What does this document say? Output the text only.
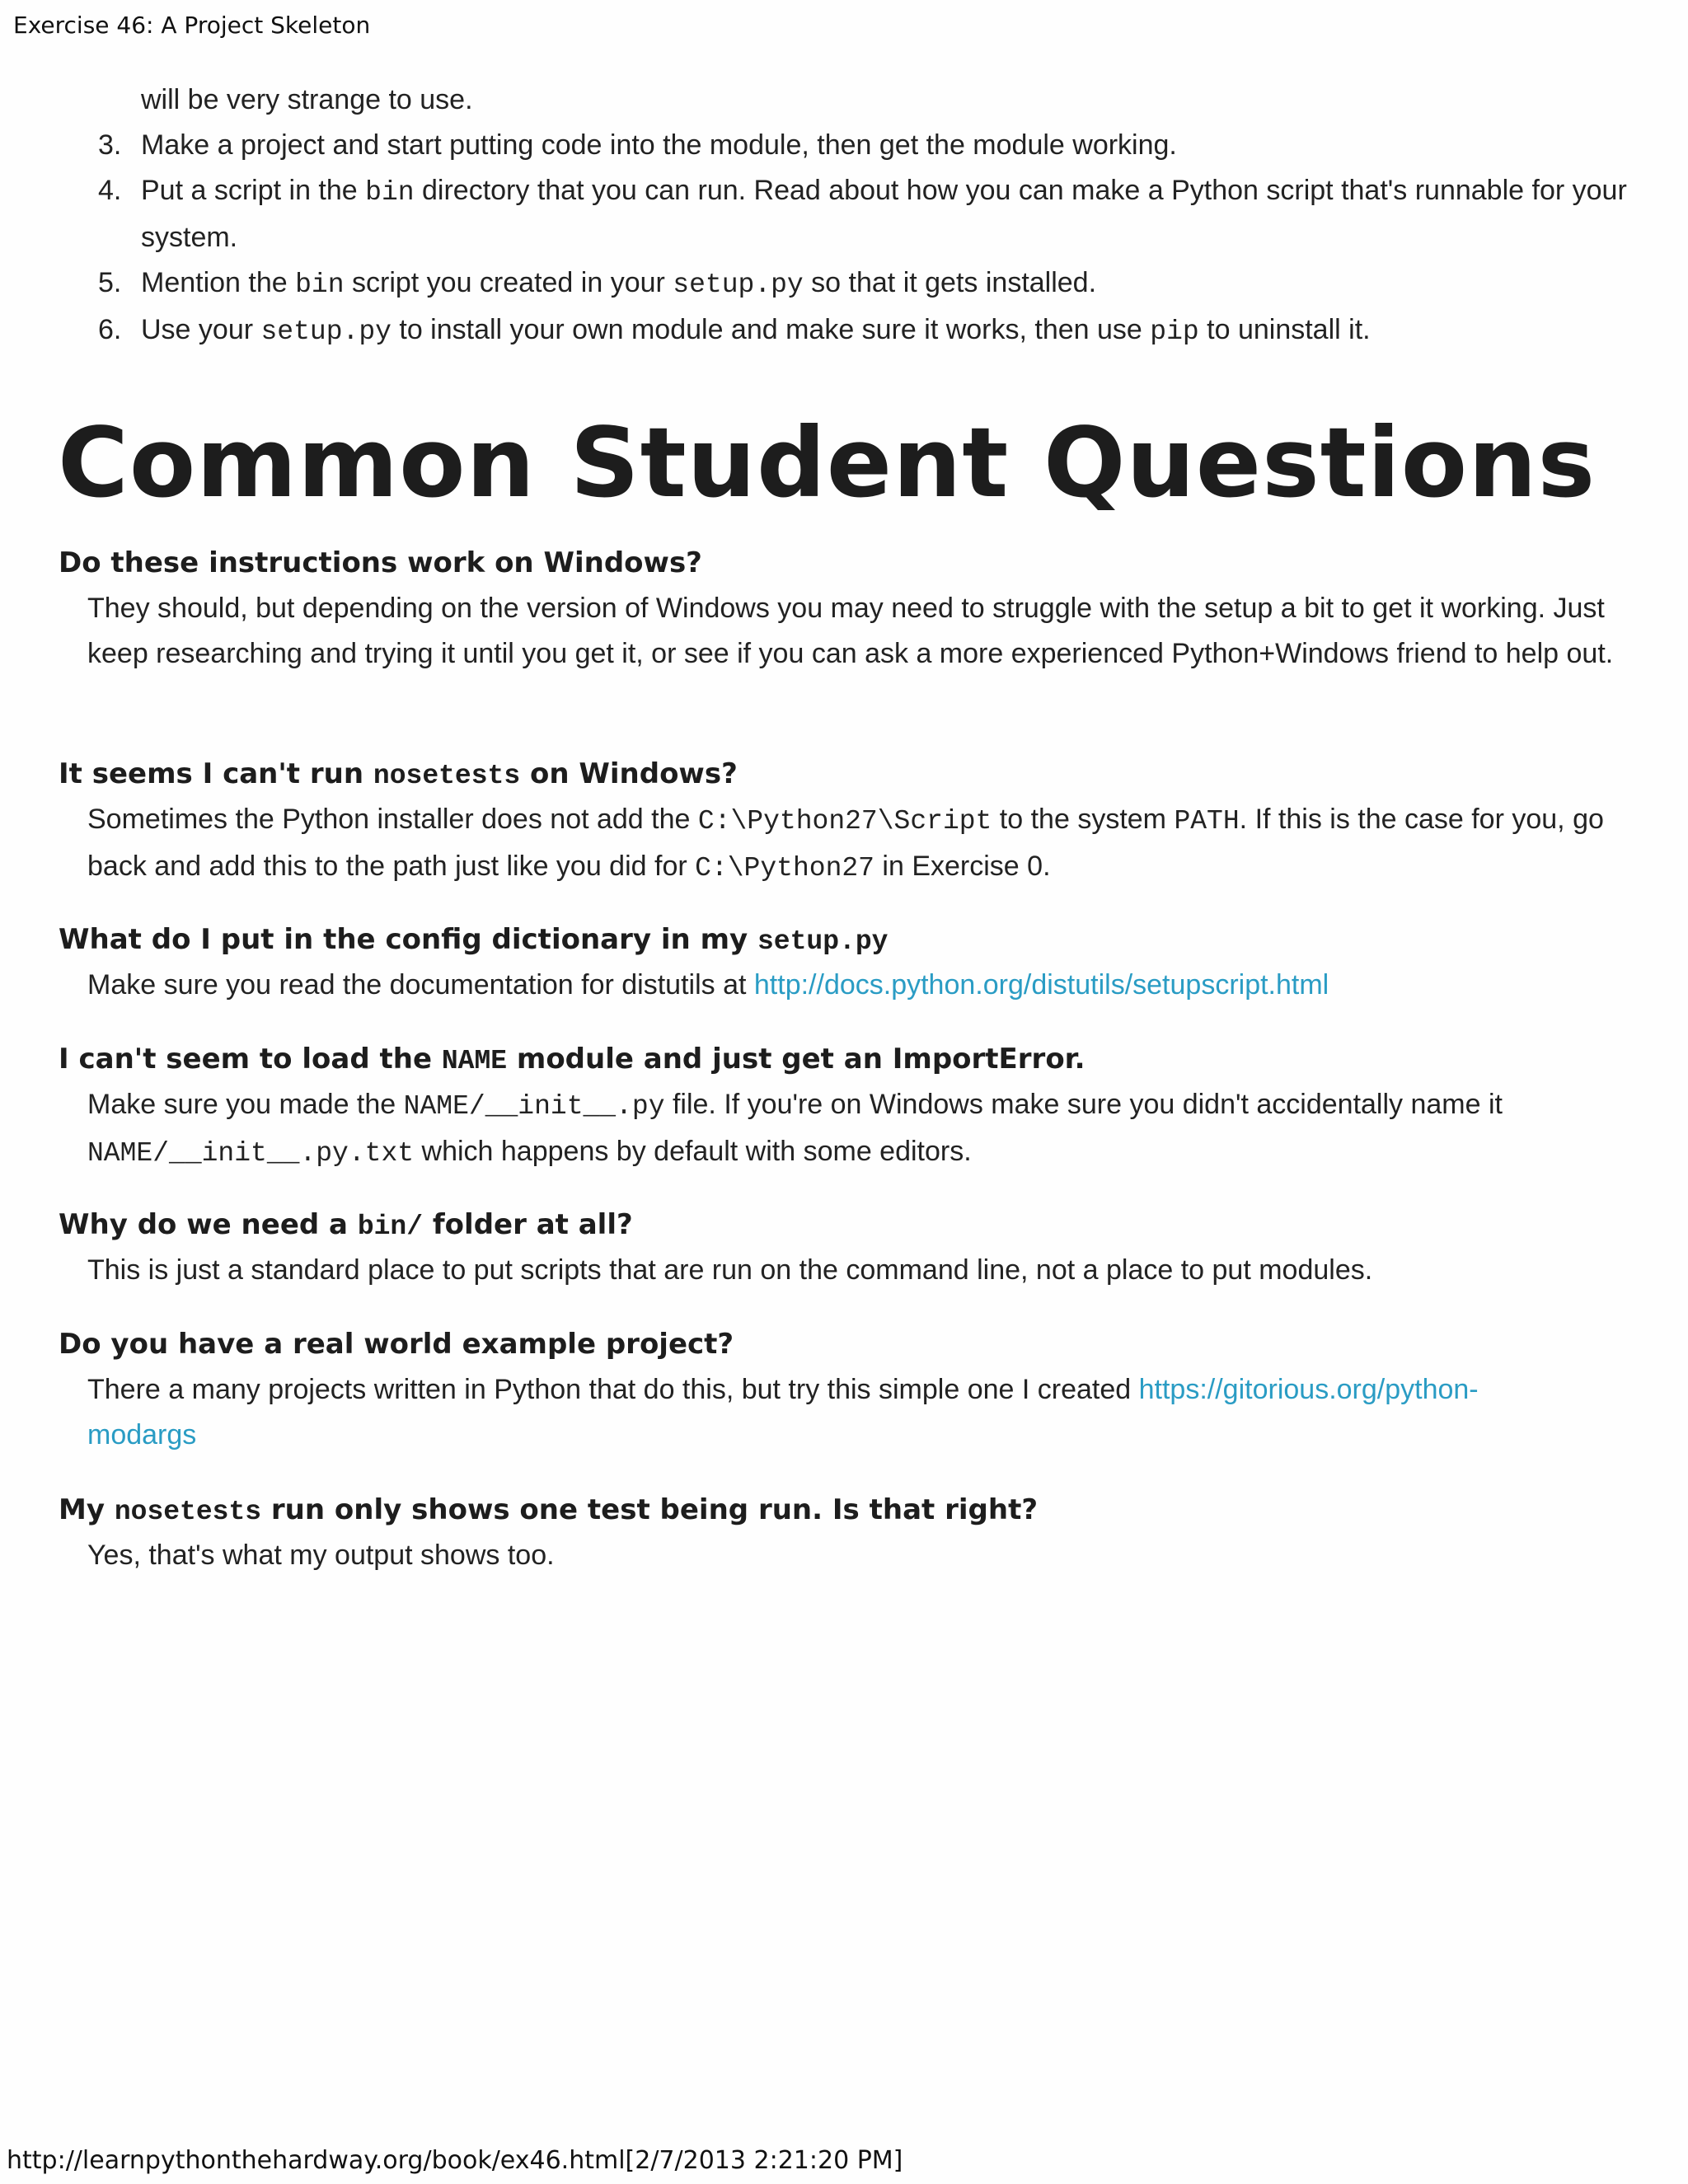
Exercise 46: A Project Skeleton
will be very strange to use.
3. Make a project and start putting code into the module, then get the module working.
4. Put a script in the bin directory that you can run. Read about how you can make a Python script that's runnable for your system.
5. Mention the bin script you created in your setup.py so that it gets installed.
6. Use your setup.py to install your own module and make sure it works, then use pip to uninstall it.
Common Student Questions
Do these instructions work on Windows?

They should, but depending on the version of Windows you may need to struggle with the setup a bit to get it working. Just keep researching and trying it until you get it, or see if you can ask a more experienced Python+Windows friend to help out.

It seems I can't run nosetests on Windows?

Sometimes the Python installer does not add the C:\Python27\Script to the system PATH. If this is the case for you, go back and add this to the path just like you did for C:\Python27 in Exercise 0.

What do I put in the config dictionary in my setup.py

Make sure you read the documentation for distutils at http://docs.python.org/distutils/setupscript.html

I can't seem to load the NAME module and just get an ImportError.

Make sure you made the NAME/__init__.py file. If you're on Windows make sure you didn't accidentally name it NAME/__init__.py.txt which happens by default with some editors.

Why do we need a bin/ folder at all?

This is just a standard place to put scripts that are run on the command line, not a place to put modules.

Do you have a real world example project?

There a many projects written in Python that do this, but try this simple one I created https://gitorious.org/python-modargs

My nosetests run only shows one test being run. Is that right?

Yes, that's what my output shows too.

http://learnpythonthehardway.org/book/ex46.html[2/7/2013 2:21:20 PM]
